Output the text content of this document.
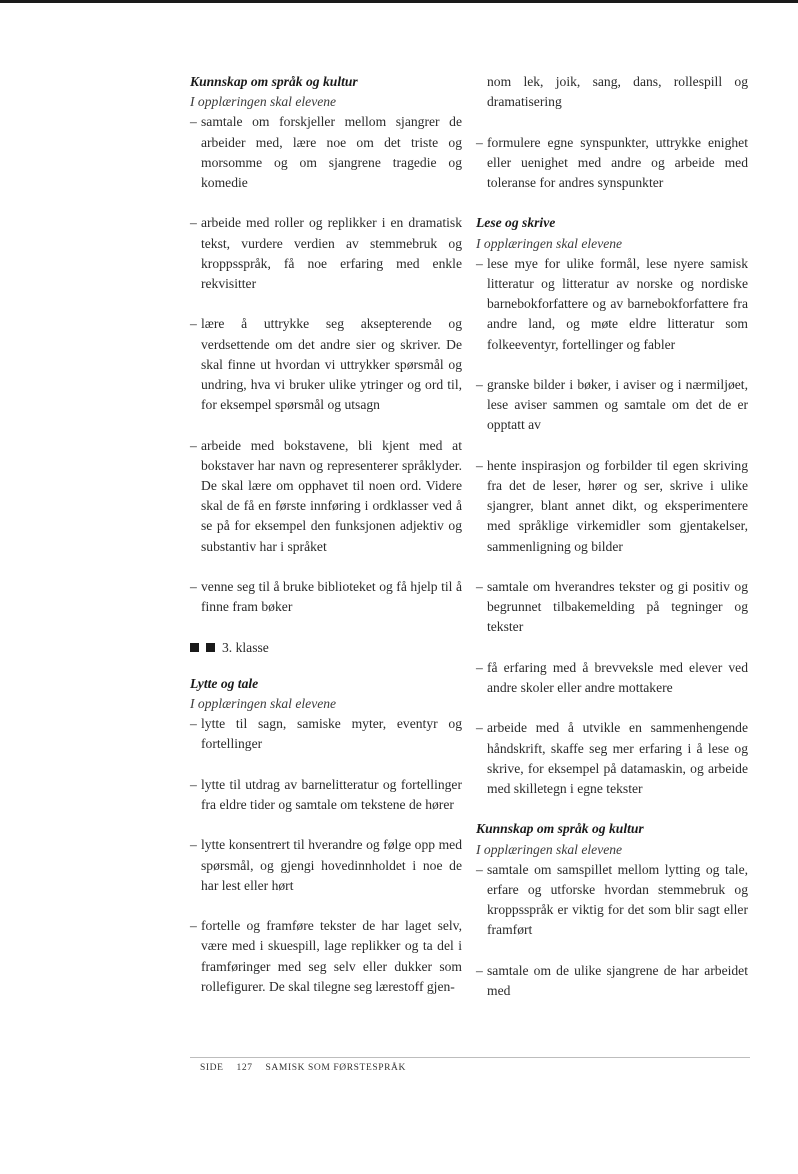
Kunnskap om språk og kultur
I opplæringen skal elevene
– samtale om forskjeller mellom sjangrer de arbeider med, lære noe om det triste og morsomme og om sjangrene tragedie og komedie
– arbeide med roller og replikker i en dramatisk tekst, vurdere verdien av stemmebruk og kroppsspråk, få noe erfaring med enkle rekvisitter
– lære å uttrykke seg aksepterende og verdsettende om det andre sier og skriver. De skal finne ut hvordan vi uttrykker spørsmål og undring, hva vi bruker ulike ytringer og ord til, for eksempel spørsmål og utsagn
– arbeide med bokstavene, bli kjent med at bokstaver har navn og representerer språklyder. De skal lære om opphavet til noen ord. Videre skal de få en første innføring i ordklasser ved å se på for eksempel den funksjonen adjektiv og substantiv har i språket
– venne seg til å bruke biblioteket og få hjelp til å finne fram bøker
3. klasse
Lytte og tale
I opplæringen skal elevene
– lytte til sagn, samiske myter, eventyr og fortellinger
– lytte til utdrag av barnelitteratur og fortellinger fra eldre tider og samtale om tekstene de hører
– lytte konsentrert til hverandre og følge opp med spørsmål, og gjengi hovedinnholdet i noe de har lest eller hørt
– fortelle og framføre tekster de har laget selv, være med i skuespill, lage replikker og ta del i framføringer med seg selv eller dukker som rollefigurer. De skal tilegne seg lærestoff gjen-
nom lek, joik, sang, dans, rollespill og dramatisering
– formulere egne synspunkter, uttrykke enighet eller uenighet med andre og arbeide med toleranse for andres synspunkter
Lese og skrive
I opplæringen skal elevene
– lese mye for ulike formål, lese nyere samisk litteratur og litteratur av norske og nordiske barnebokforfattere og av barnebokforfattere fra andre land, og møte eldre litteratur som folkeeventyr, fortellinger og fabler
– granske bilder i bøker, i aviser og i nærmiljøet, lese aviser sammen og samtale om det de er opptatt av
– hente inspirasjon og forbilder til egen skriving fra det de leser, hører og ser, skrive i ulike sjangrer, blant annet dikt, og eksperimentere med språklige virkemidler som gjentakelser, sammenligning og bilder
– samtale om hverandres tekster og gi positiv og begrunnet tilbakemelding på tegninger og tekster
– få erfaring med å brevveksle med elever ved andre skoler eller andre mottakere
– arbeide med å utvikle en sammenhengende håndskrift, skaffe seg mer erfaring i å lese og skrive, for eksempel på datamaskin, og arbeide med skilletegn i egne tekster
Kunnskap om språk og kultur
I opplæringen skal elevene
– samtale om samspillet mellom lytting og tale, erfare og utforske hvordan stemmebruk og kroppsspråk er viktig for det som blir sagt eller framført
– samtale om de ulike sjangrene de har arbeidet med
SIDE 127 SAMISK SOM FØRSTESPRÅK
